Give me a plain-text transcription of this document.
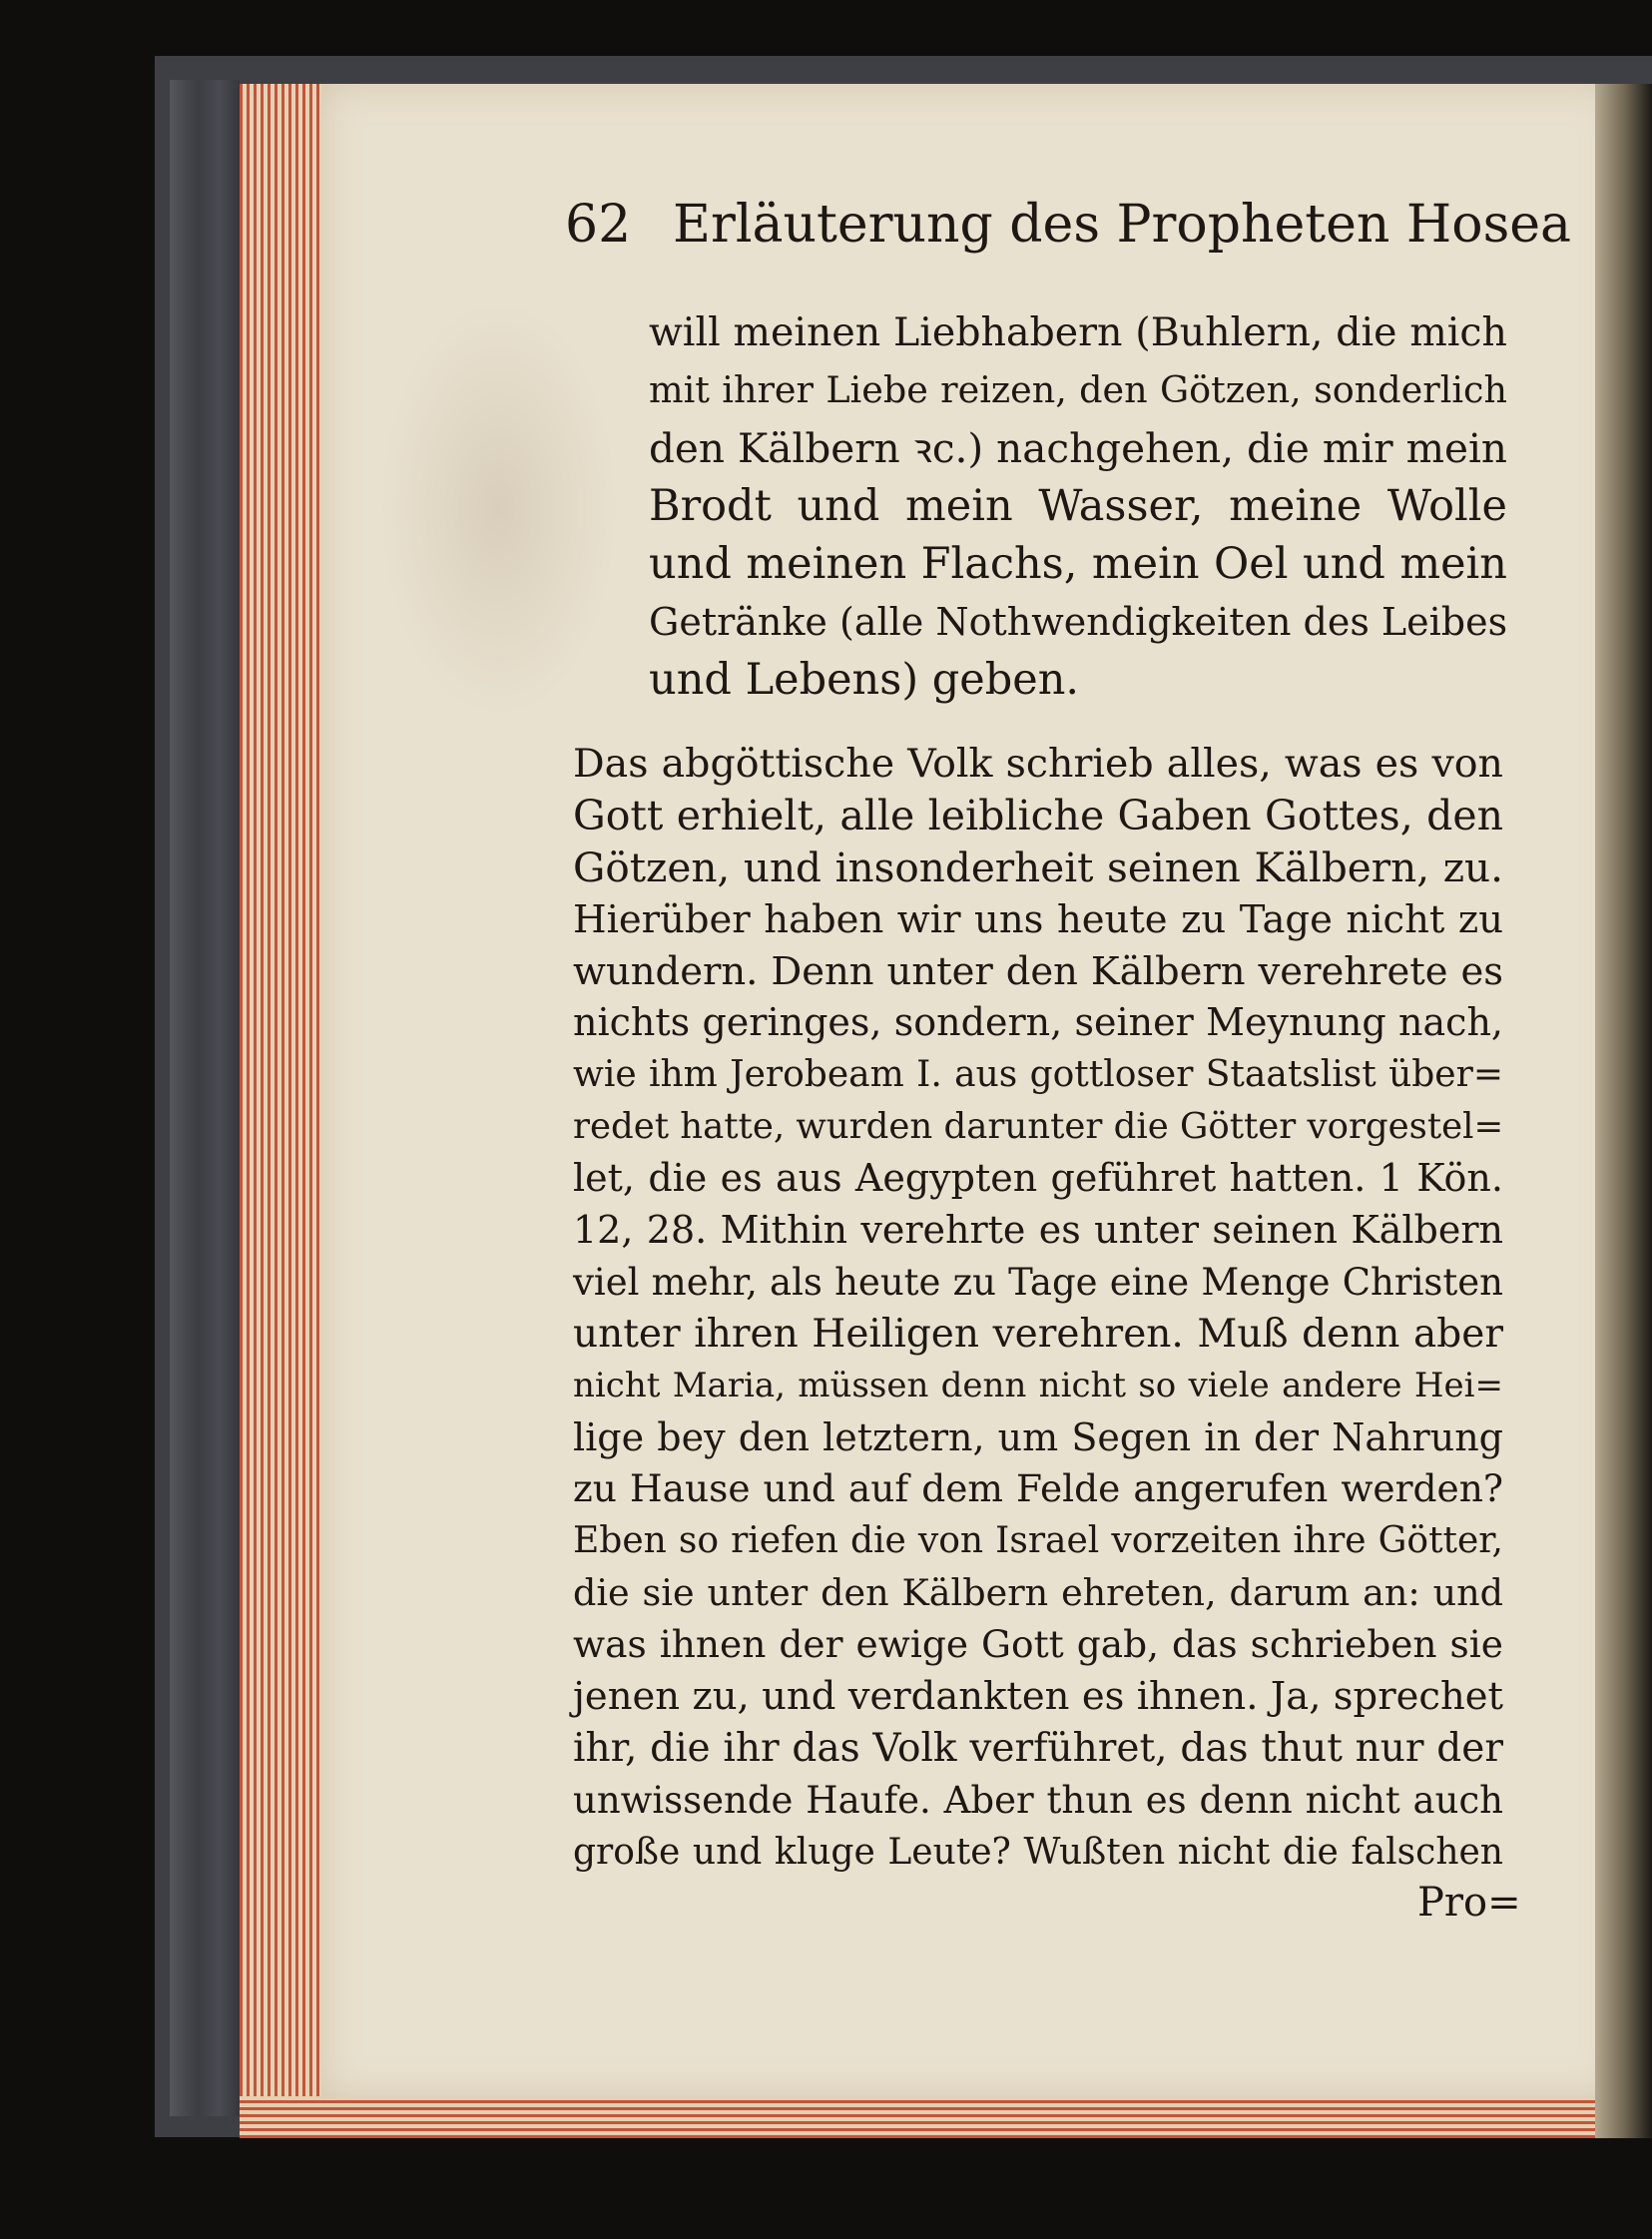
62 Erläuterung des Propheten Hosea
will meinen Liebhabern (Buhlern, die mich
mit ihrer Liebe reizen, den Götzen, sonderlich
den Kälbern ꝛc.) nachgehen, die mir mein
Brodt und mein Wasser, meine Wolle
und meinen Flachs, mein Oel und mein
Getränke (alle Nothwendigkeiten des Leibes
und Lebens) geben.
Das abgöttische Volk schrieb alles, was es von
Gott erhielt, alle leibliche Gaben Gottes, den
Götzen, und insonderheit seinen Kälbern, zu.
Hierüber haben wir uns heute zu Tage nicht zu
wundern. Denn unter den Kälbern verehrete es
nichts geringes, sondern, seiner Meynung nach,
wie ihm Jerobeam I. aus gottloser Staatslist über=
redet hatte, wurden darunter die Götter vorgestel=
let, die es aus Aegypten geführet hatten. 1 Kön.
12, 28. Mithin verehrte es unter seinen Kälbern
viel mehr, als heute zu Tage eine Menge Christen
unter ihren Heiligen verehren. Muß denn aber
nicht Maria, müssen denn nicht so viele andere Hei=
lige bey den letztern, um Segen in der Nahrung
zu Hause und auf dem Felde angerufen werden?
Eben so riefen die von Israel vorzeiten ihre Götter,
die sie unter den Kälbern ehreten, darum an: und
was ihnen der ewige Gott gab, das schrieben sie
jenen zu, und verdankten es ihnen. Ja, sprechet
ihr, die ihr das Volk verführet, das thut nur der
unwissende Haufe. Aber thun es denn nicht auch
große und kluge Leute? Wußten nicht die falschen
Pro=
